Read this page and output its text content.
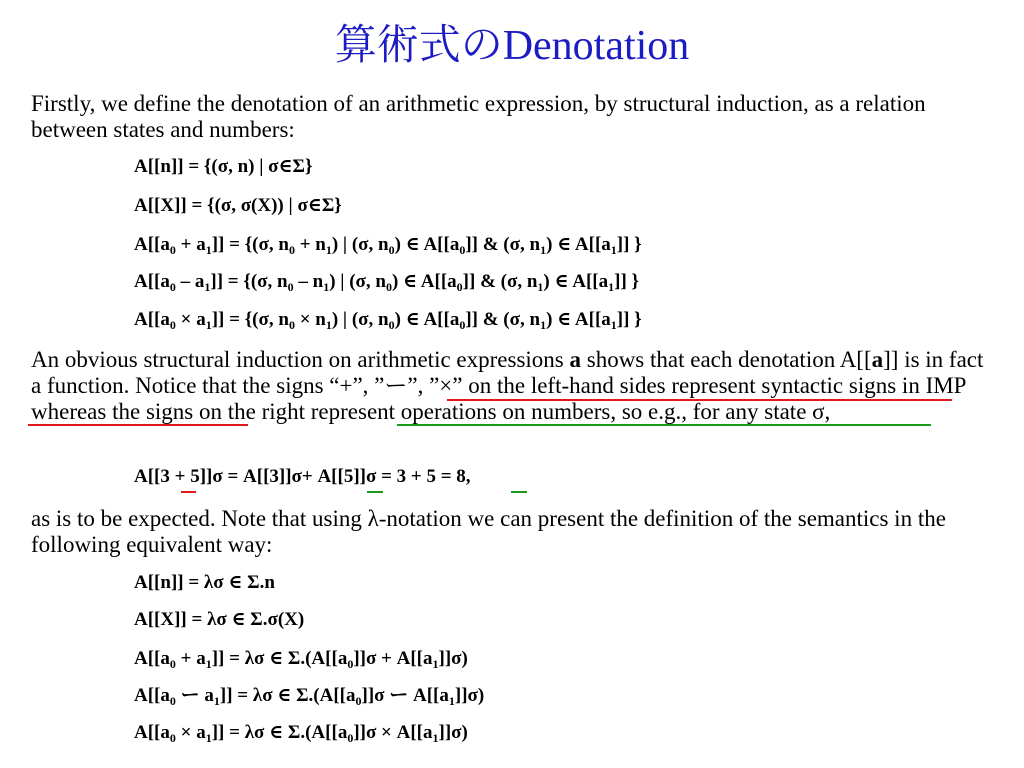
算術式のDenotation

Firstly, we define the denotation of an arithmetic expression, by structural induction, as a relation between states and numbers:

A[[n]] = {(σ, n) | σ∈Σ}
A[[X]] = {(σ, σ(X)) | σ∈Σ}
$A[[a_0 + a_1]] = \{(\sigma$, $n_0 + n_1$) | (σ, $n_0$) ∈ $A[[a_0]]$ & (σ, $n_1$) ∈ $A[[a_1]]$ }
$A[[a_0 - a_1]] = \{(\sigma$, $n_0 - n_1$) | (σ, $n_0$) ∈ $A[[a_0]]$ & (σ, $n_1$) ∈ $A[[a_1]]$ }
$A[[a_0 \times a_1]] = \{(\sigma$, $n_0 \times n_1$) | (σ, $n_0$) ∈ $A[[a_0]]$ & (σ, $n_1$) ∈ $A[[a_1]]$ }

An obvious structural induction on arithmetic expressions a shows that each denotation A[[a]] is in fact a function. Notice that the signs “+”, ”ー”, ”×” on the left-hand sides represent syntactic signs in IMP whereas the signs on the right represent operations on numbers, so e.g., for any state σ,

A[[3 + 5]]σ = A[[3]]σ+ A[[5]]σ = 3 + 5 = 8,

as is to be expected. Note that using λ-notation we can present the definition of the semantics in the following equivalent way:

A[[n]] = λσ ∈ Σ.n
A[[X]] = λσ ∈ Σ.σ(X)
$A[[a_0 + a_1]] = \lambda\sigma$ ∈ $\Sigma.(A[[a_0]]\sigma + A[[a_1]]\sigma)$
$A[[a_0$ ー $a_1]] = \lambda\sigma$ ∈ $\Sigma.(A[[a_0]]\sigma$ ー $A[[a_1]]\sigma$)
$A[[a_0 \times a_1]] = \lambda\sigma$ ∈ $\Sigma.(A[[a_0]]\sigma \times A[[a_1]]\sigma)$
